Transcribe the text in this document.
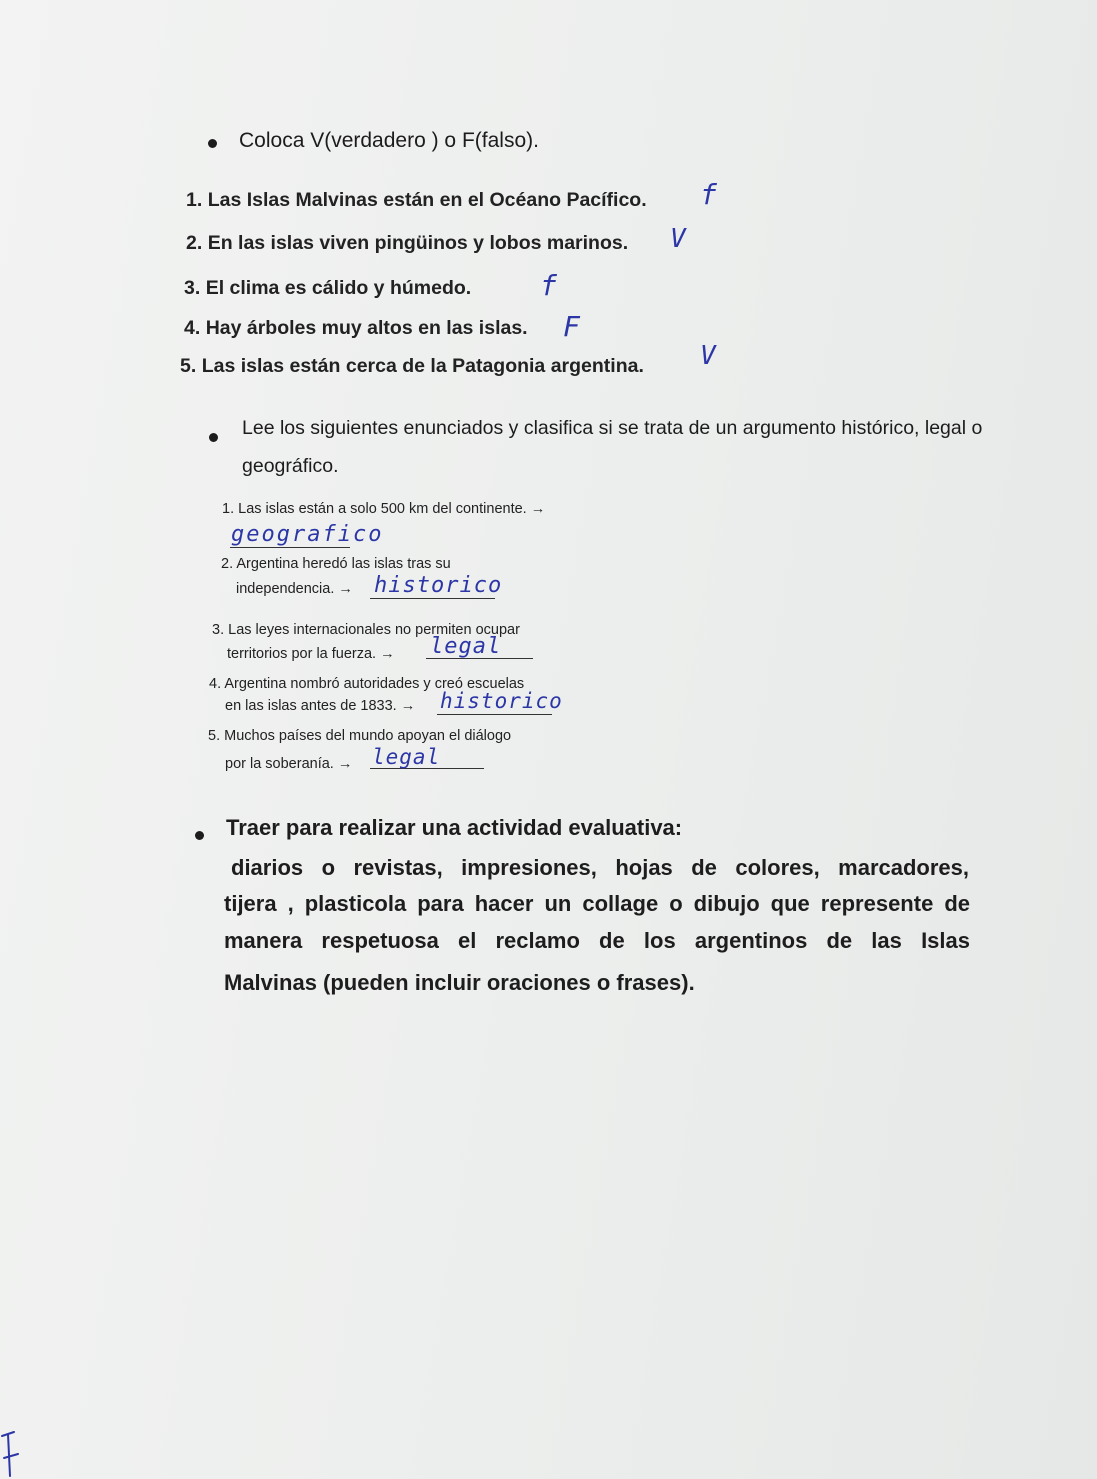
Coloca V(verdadero ) o F(falso).
1. Las Islas Malvinas están en el Océano Pacífico. f
2. En las islas viven pingüinos y lobos marinos. V
3. El clima es cálido y húmedo. f
4. Hay árboles muy altos en las islas. F
5. Las islas están cerca de la Patagonia argentina. V
Lee los siguientes enunciados y clasifica si se trata de un argumento histórico, legal o
geográfico.
1. Las islas están a solo 500 km del continente. →
geografico
2. Argentina heredó las islas tras su
independencia. → historico
3. Las leyes internacionales no permiten ocupar
territorios por la fuerza. → legal
4. Argentina nombró autoridades y creó escuelas
en las islas antes de 1833. → historico
5. Muchos países del mundo apoyan el diálogo
por la soberanía. → legal
Traer para realizar una actividad evaluativa:
diarios o revistas, impresiones, hojas de colores, marcadores,
tijera , plasticola para hacer un collage o dibujo que represente de
manera respetuosa el reclamo de los argentinos de las Islas
Malvinas (pueden incluir oraciones o frases).
